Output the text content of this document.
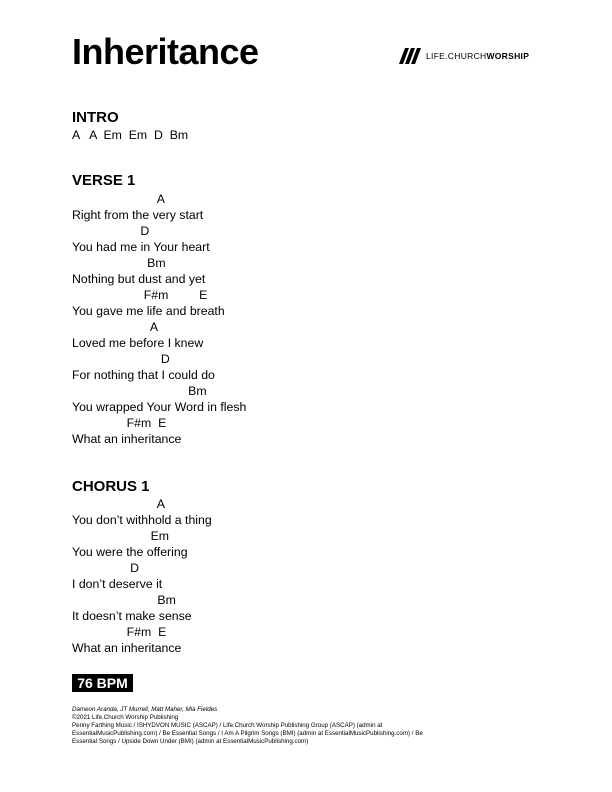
Inheritance	LIFE.CHURCHWORSHIP
INTRO

A   A  Em  Em  D  Bm

VERSE 1

A

Right from the very start

D

You had me in Your heart

Bm

Nothing but dust and yet

F#m         E

You gave me life and breath

A

Loved me before I knew

D

For nothing that I could do

Bm

You wrapped Your Word in flesh

F#m  E

What an inheritance

CHORUS 1

A

You don’t withhold a thing

Em

You were the offering

D

I don’t deserve it

Bm

It doesn’t make sense

F#m  E

What an inheritance

76 BPM
Dameon Aranda, JT Murrell, Matt Maher, Mia Fieldes
©2021 Life.Church Worship Publishing
Penny Farthing Music / ISHYDVON MUSIC (ASCAP) / Life.Church Worship Publishing Group (ASCAP) (admin at
EssentialMusicPublishing.com) / Be Essential Songs / I Am A Pilgrim Songs (BMI) (admin at EssentialMusicPublishing.com) / Be
Essential Songs / Upside Down Under (BMI) (admin at EssentialMusicPublishing.com)
